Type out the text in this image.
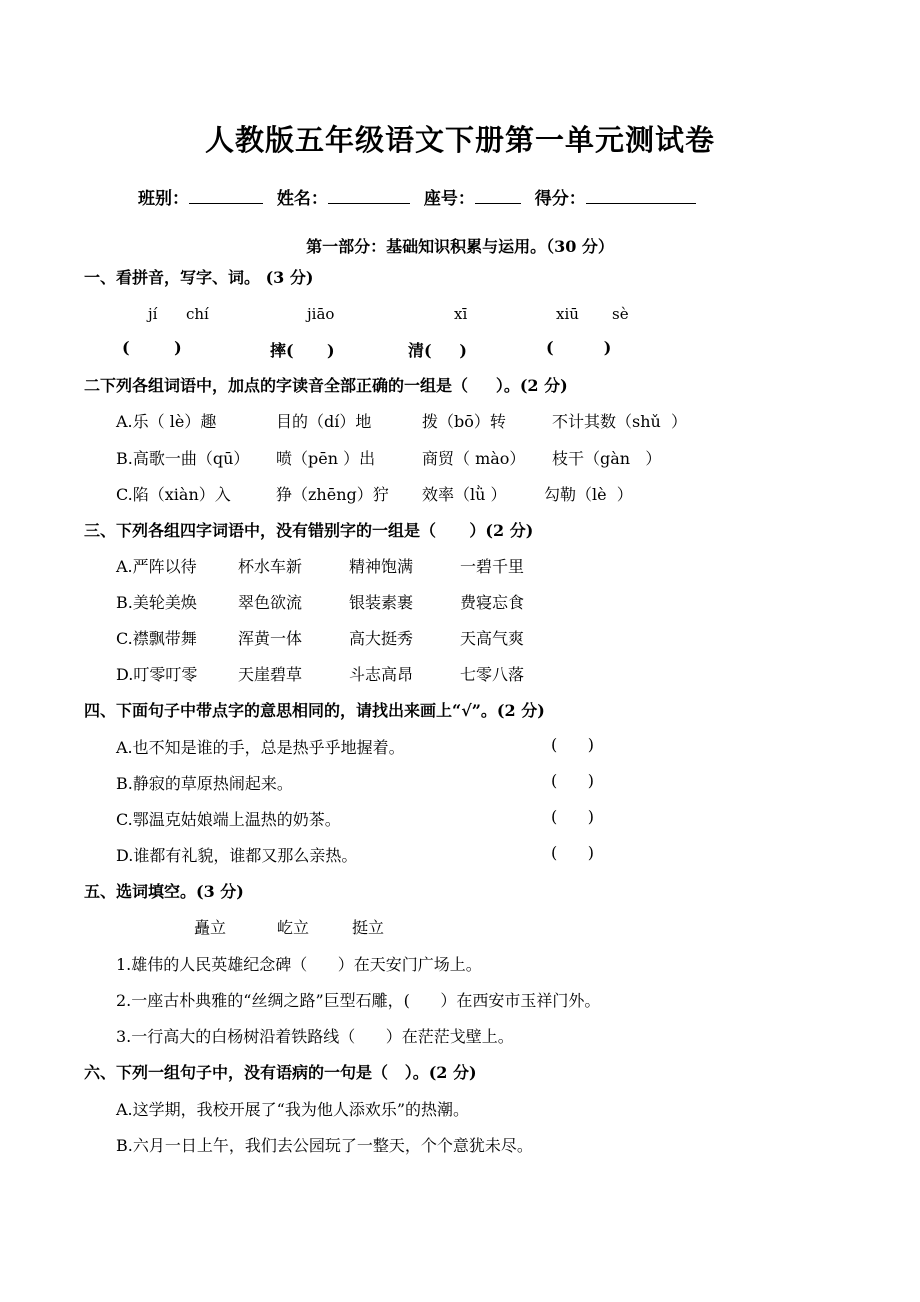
人教版五年级语文下册第一单元测试卷
班别：	姓名：	座号：	得分：
第一部分：基础知识积累与运用。（30 分）
一、看拼音，写字、词。 (3 分)
jí chí	jiāo	xī	xiū sè
(        )	摔(      )	清(     )	(         )
二下列各组词语中，加点的字读音全部正确的一组是（     ）。(2 分)
A.乐（ lè）趣	目的（dí）地	拨（bō）转	不计其数（shǔ  ）
B.高歌一曲（qū） 喷（pēn ）出	商贸（ mào） 枝干（gàn   ）
C.陷（xiàn）入	狰（zhēng）狞 效率（lǜ ） 勾勒（lè  ）
三、下列各组四字词语中，没有错别字的一组是（      ）(2 分)
A.严阵以待	杯水车新	精神饱满	一碧千里
B.美轮美焕	翠色欲流	银装素裹	费寝忘食
C.襟飘带舞	浑黄一体	高大挺秀	天高气爽
D.叮零叮零	天崖碧草	斗志高昂	七零八落
四、下面句子中带点字的意思相同的，请找出来画上“√”。(2 分)
A.也不知是谁的手，总是热乎乎地握着。	(      )
B.静寂的草原热闹起来。	(      )
C.鄂温克姑娘端上温热的奶茶。	(      )
D.谁都有礼貌，谁都又那么亲热。	(      )
五、选词填空。(3 分)
矗立	屹立	挺立
1.雄伟的人民英雄纪念碑（      ）在天安门广场上。
2.一座古朴典雅的“丝绸之路”巨型石雕，(      ）在西安市玉祥门外。
3.一行高大的白杨树沿着铁路线（      ）在茫茫戈壁上。
六、下列一组句子中，没有语病的一句是（   ）。(2 分)
A.这学期，我校开展了“我为他人添欢乐”的热潮。
B.六月一日上午，我们去公园玩了一整天，个个意犹未尽。
